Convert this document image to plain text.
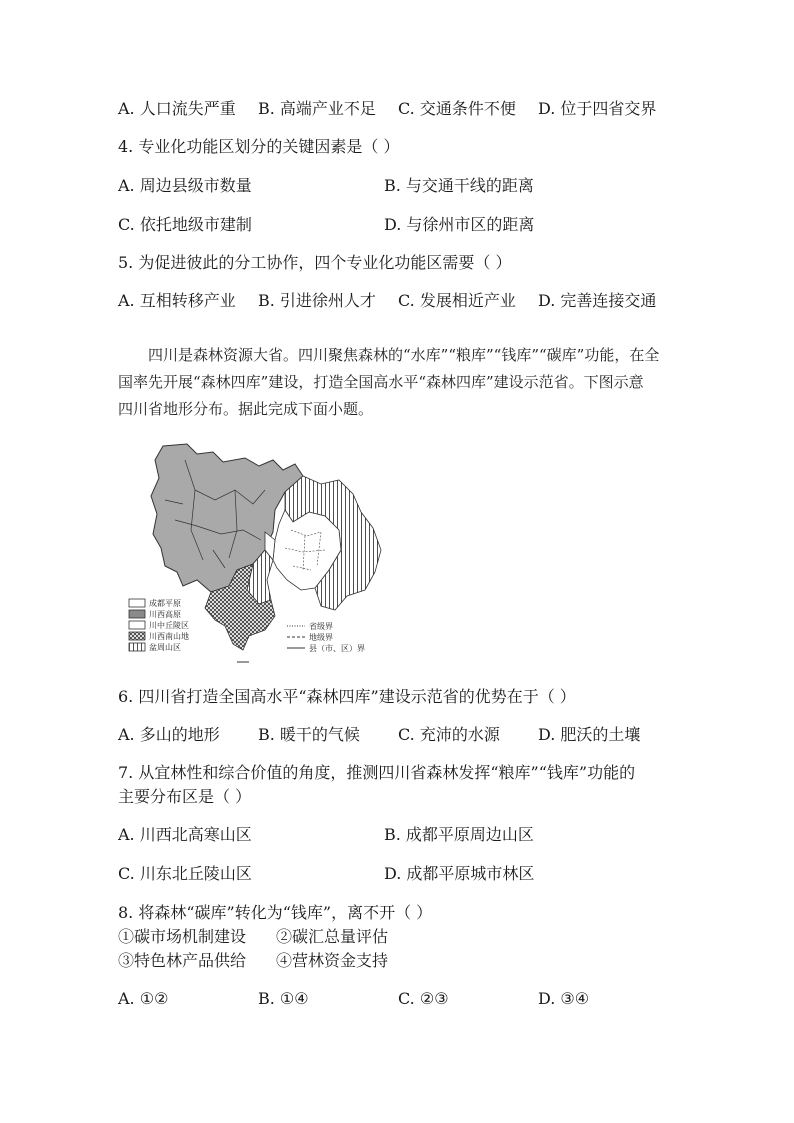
A. 人口流失严重 B. 高端产业不足 C. 交通条件不便 D. 位于四省交界
4. 专业化功能区划分的关键因素是（ ）
A. 周边县级市数量	B. 与交通干线的距离
C. 依托地级市建制	D. 与徐州市区的距离
5. 为促进彼此的分工协作，四个专业化功能区需要（ ）
A. 互相转移产业 B. 引进徐州人才 C. 发展相近产业 D. 完善连接交通
四川是森林资源大省。四川聚焦森林的“水库”“粮库”“钱库”“碳库”功能，在全
国率先开展“森林四库”建设，打造全国高水平“森林四库”建设示范省。下图示意
四川省地形分布。据此完成下面小题。
成都平原
川西高原
川中丘陵区
川西南山地
盆周山区
省级界
地级界
县（市、区）界
6. 四川省打造全国高水平“森林四库”建设示范省的优势在于（ ）
A. 多山的地形 B. 暖干的气候 C. 充沛的水源 D. 肥沃的土壤
7. 从宜林性和综合价值的角度，推测四川省森林发挥“粮库”“钱库”功能的
主要分布区是（ ）
A. 川西北高寒山区	B. 成都平原周边山区
C. 川东北丘陵山区	D. 成都平原城市林区
8. 将森林“碳库”转化为“钱库”，离不开（ ）
①碳市场机制建设 ②碳汇总量评估
③特色林产品供给 ④营林资金支持
A. ①②	B. ①④	C. ②③	D. ③④
